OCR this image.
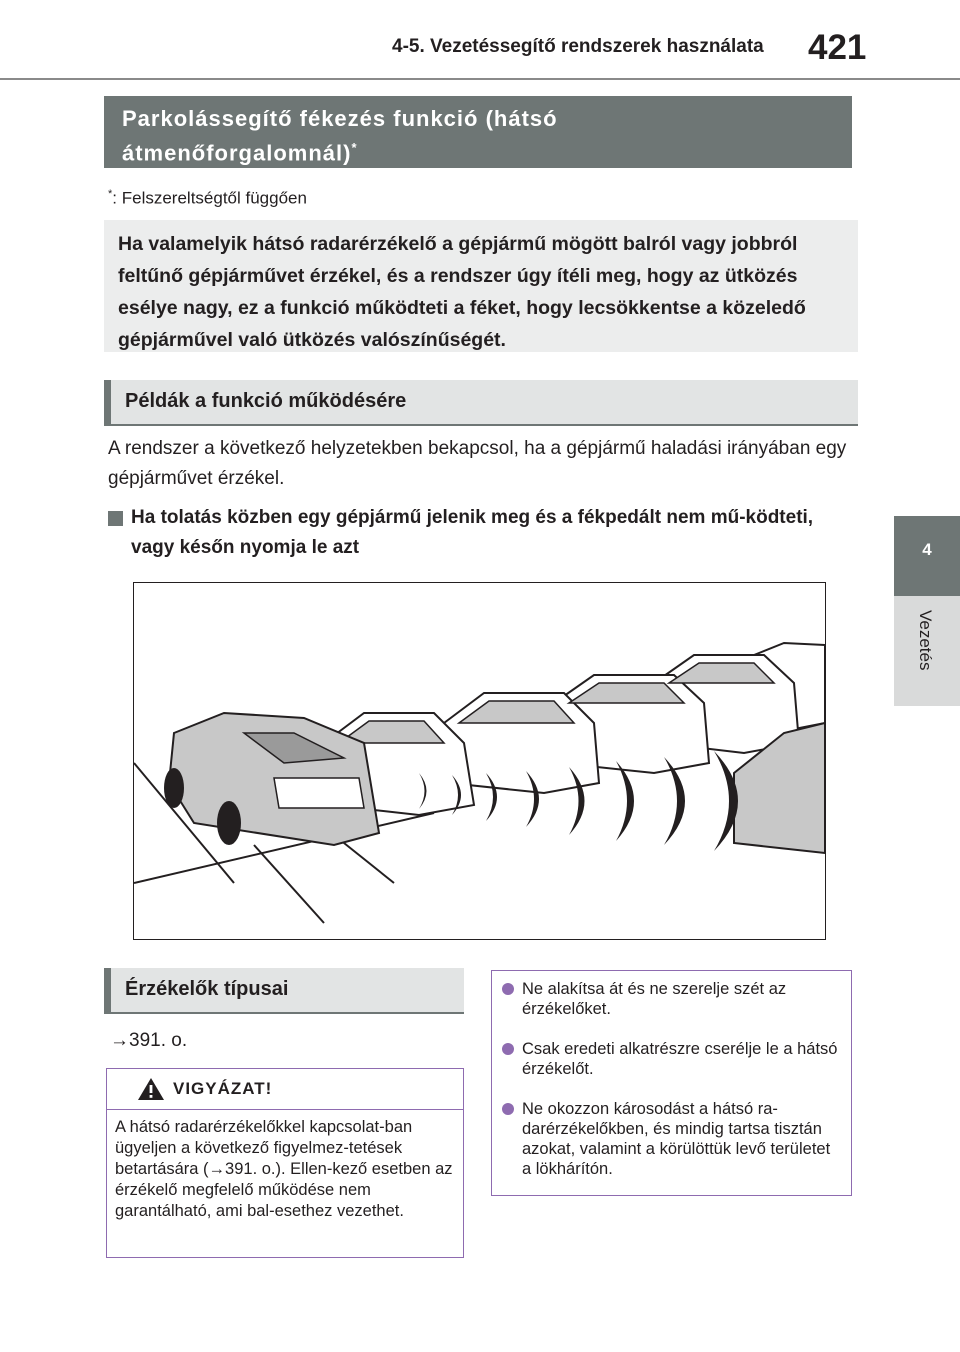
4-5. Vezetéssegítő rendszerek használata 421
4
Vezetés
Parkolássegítő fékezés funkció (hátsó átmenőforgalomnál)*
*: Felszereltségtől függően
Ha valamelyik hátsó radarérzékelő a gépjármű mögött balról vagy jobbról feltűnő gépjárművet érzékel, és a rendszer úgy ítéli meg, hogy az ütközés esélye nagy, ez a funkció működteti a féket, hogy lecsökkentse a közeledő gépjárművel való ütközés valószínűségét.
Példák a funkció működésére
A rendszer a következő helyzetekben bekapcsol, ha a gépjármű haladási irányában egy gépjárművet érzékel.
Ha tolatás közben egy gépjármű jelenik meg és a fékpedált nem mű-ködteti, vagy későn nyomja le azt
Érzékelők típusai
→391. o.
VIGYÁZAT!
A hátsó radarérzékelőkkel kapcsolat-ban ügyeljen a következő figyelmez-tetések betartására (→391. o.). Ellen-kező esetben az érzékelő megfelelő működése nem garantálható, ami bal-esethez vezethet.
Ne alakítsa át és ne szerelje szét az érzékelőket.
Csak eredeti alkatrészre cserélje le a hátsó érzékelőt.
Ne okozzon károsodást a hátsó ra-darérzékelőkben, és mindig tartsa tisztán azokat, valamint a körülöttük levő területet a lökhárítón.
